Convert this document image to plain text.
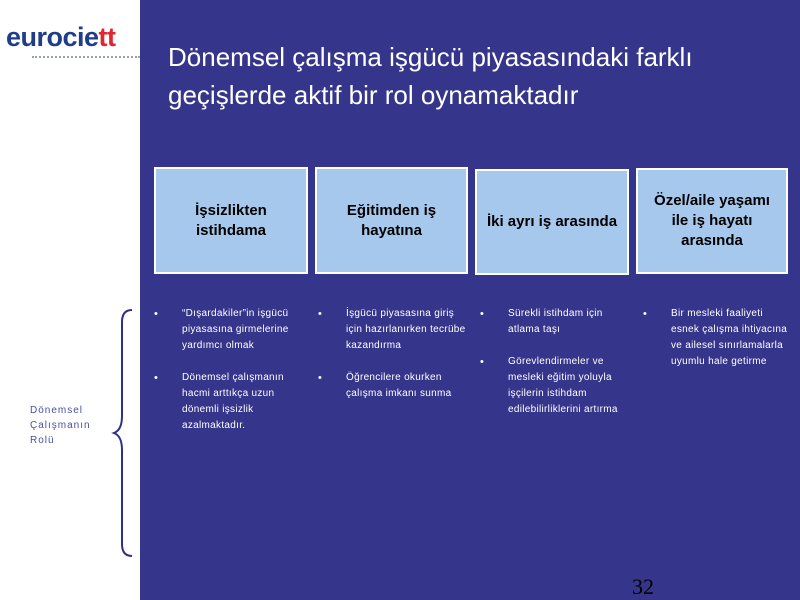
eurociett
Dönemsel çalışma işgücü piyasasındaki farklı geçişlerde aktif bir rol oynamaktadır
İşsizlikten istihdama
Eğitimden iş hayatına	İki ayrı iş arasında
Özel/aile yaşamı ile iş hayatı arasında
• “Dışardakiler”in işgücü piyasasına girmelerine yardımcı olmak
• Dönemsel çalışmanın hacmi arttıkça uzun dönemli işsizlik azalmaktadır.
• İşgücü piyasasına giriş için hazırlanırken tecrübe kazandırma
• Öğrencilere okurken çalışma imkanı sunma
• Sürekli istihdam için atlama taşı
• Görevlendirmeler ve mesleki eğitim yoluyla işçilerin istihdam edilebilirliklerini artırma
• Bir mesleki faaliyeti esnek çalışma ihtiyacına ve ailesel sınırlamalarla uyumlu hale getirme
Dönemsel Çalışmanın Rolü
32
